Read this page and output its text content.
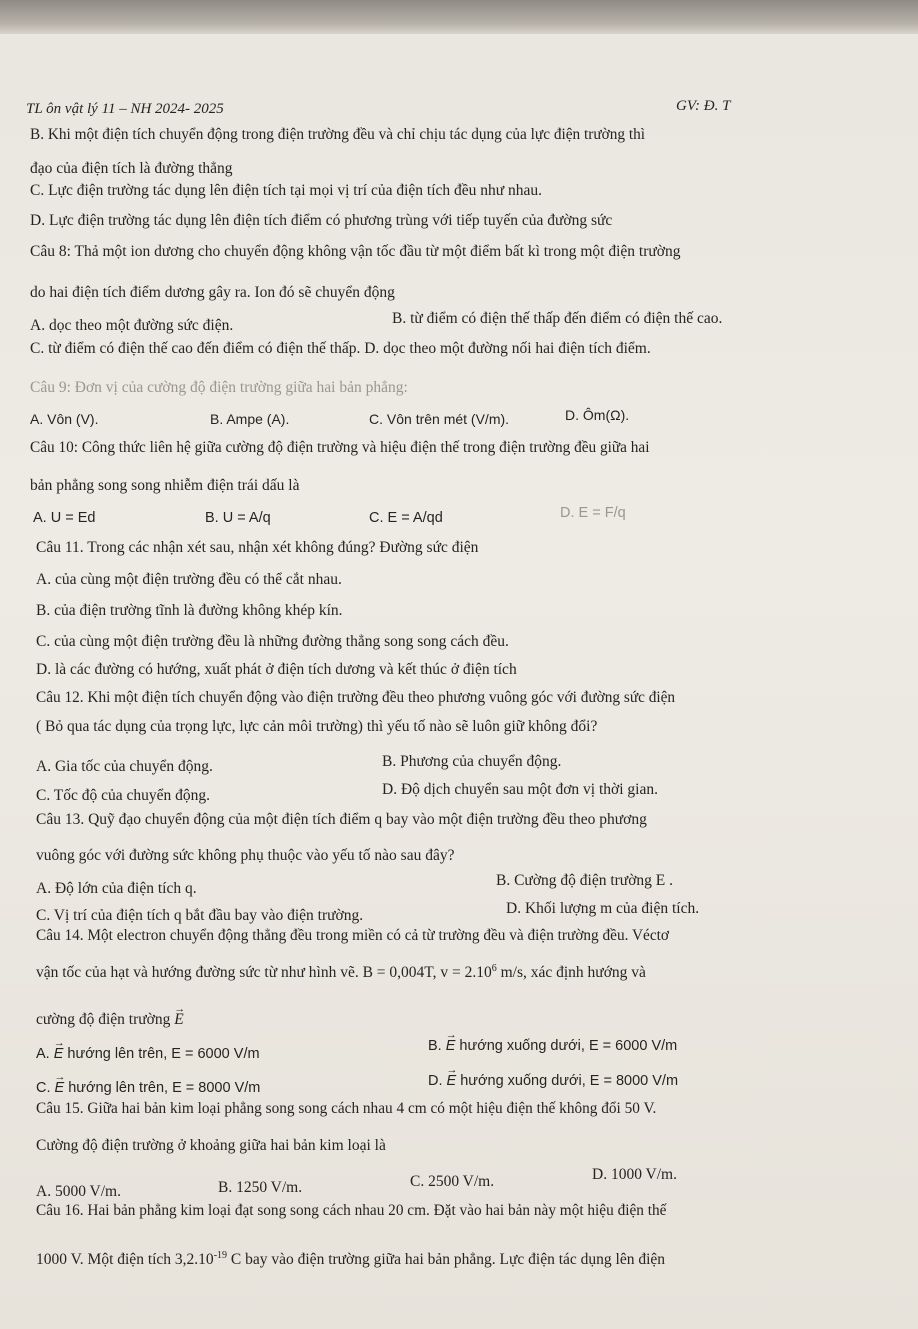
TL ôn vật lý 11 – NH 2024- 2025	GV: Đ. T
B. Khi một điện tích chuyển động trong điện trường đều và chỉ chịu tác dụng của lực điện trường thì
đạo của điện tích là đường thẳng
C. Lực điện trường tác dụng lên điện tích tại mọi vị trí của điện tích đều như nhau.
D. Lực điện trường tác dụng lên điện tích điểm có phương trùng với tiếp tuyến của đường sức
Câu 8: Thả một ion dương cho chuyển động không vận tốc đầu từ một điểm bất kì trong một điện trường
do hai điện tích điểm dương gây ra. Ion đó sẽ chuyển động
A. dọc theo một đường sức điện.	B. từ điểm có điện thế thấp đến điểm có điện thế cao.
C. từ điểm có điện thế cao đến điểm có điện thế thấp. D. dọc theo một đường nối hai điện tích điểm.
Câu 9: Đơn vị của cường độ điện trường giữa hai bản phẳng:
A. Vôn (V).	B. Ampe (A).	C. Vôn trên mét (V/m).	D. Ôm(Ω).
Câu 10: Công thức liên hệ giữa cường độ điện trường và hiệu điện thế trong điện trường đều giữa hai
bản phẳng song song nhiễm điện trái dấu là
A. U = Ed	B. U = A/q	C. E = A/qd	D. E = F/q
Câu 11. Trong các nhận xét sau, nhận xét không đúng? Đường sức điện
A. của cùng một điện trường đều có thể cắt nhau.
B. của điện trường tĩnh là đường không khép kín.
C. của cùng một điện trường đều là những đường thẳng song song cách đều.
D. là các đường có hướng, xuất phát ở điện tích dương và kết thúc ở điện tích
Câu 12. Khi một điện tích chuyển động vào điện trường đều theo phương vuông góc với đường sức điện
( Bỏ qua tác dụng của trọng lực, lực cản môi trường) thì yếu tố nào sẽ luôn giữ không đổi?
A. Gia tốc của chuyển động.	B. Phương của chuyển động.
C. Tốc độ của chuyển động.	D. Độ dịch chuyển sau một đơn vị thời gian.
Câu 13. Quỹ đạo chuyển động của một điện tích điểm q bay vào một điện trường đều theo phương
vuông góc với đường sức không phụ thuộc vào yếu tố nào sau đây?
A. Độ lớn của điện tích q.	B. Cường độ điện trường E .
C. Vị trí của điện tích q bắt đầu bay vào điện trường.	D. Khối lượng m của điện tích.
Câu 14. Một electron chuyển động thẳng đều trong miền có cả từ trường đều và điện trường đều. Véctơ
vận tốc của hạt và hướng đường sức từ như hình vẽ. B = 0,004T, $v = 2.10^6$ m/s, xác định hướng và
cường độ điện trường → E
A. → E hướng lên trên, E = 6000 V/m	B. → E hướng xuống dưới, E = 6000 V/m
C. → E hướng lên trên, E = 8000 V/m	D. → E hướng xuống dưới, E = 8000 V/m
Câu 15. Giữa hai bản kim loại phẳng song song cách nhau 4 cm có một hiệu điện thế không đổi 50 V.
Cường độ điện trường ở khoảng giữa hai bản kim loại là
A. 5000 V/m.	B. 1250 V/m.	C. 2500 V/m.	D. 1000 V/m.
Câu 16. Hai bản phẳng kim loại đạt song song cách nhau 20 cm. Đặt vào hai bản này một hiệu điện thế
1000 V. Một điện tích $3,2.10^{-19}$ C bay vào điện trường giữa hai bản phẳng. Lực điện tác dụng lên điện
